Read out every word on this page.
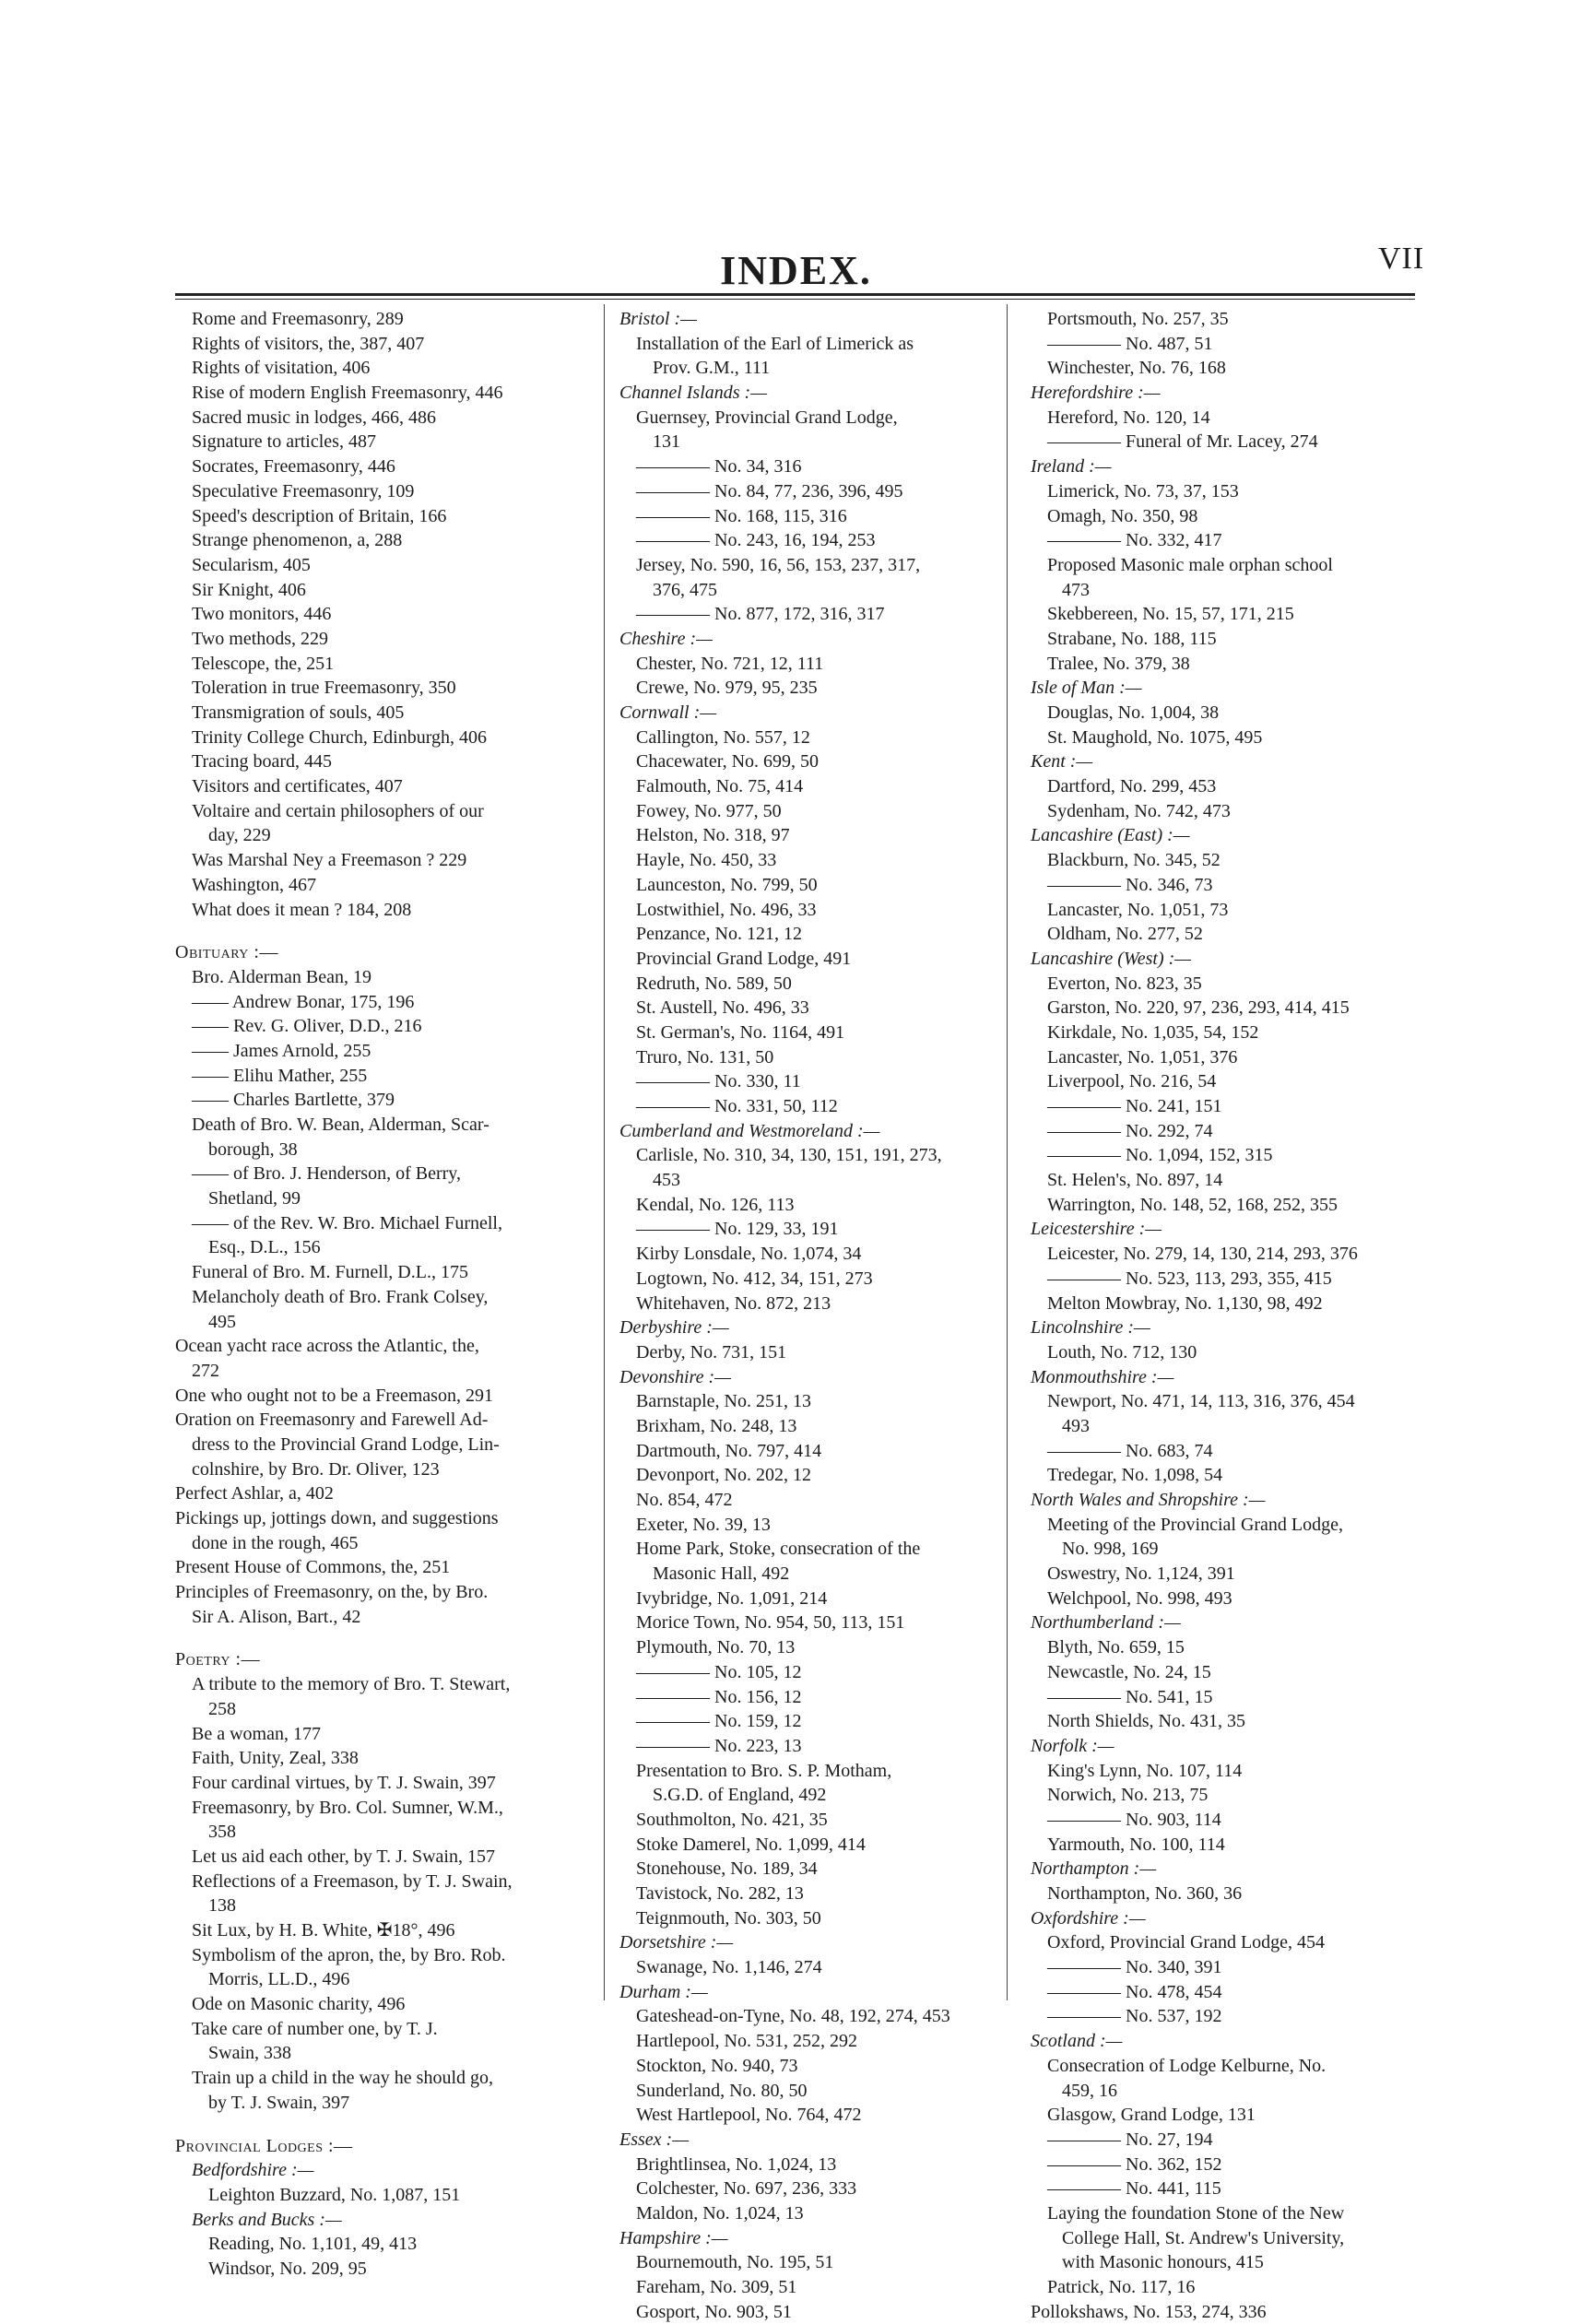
INDEX.	VII
Rome and Freemasonry, 289
Rights of visitors, the, 387, 407
Rights of visitation, 406
Rise of modern English Freemasonry, 446
Sacred music in lodges, 466, 486
Signature to articles, 487
Socrates, Freemasonry, 446
Speculative Freemasonry, 109
Speed's description of Britain, 166
Strange phenomenon, a, 288
Secularism, 405
Sir Knight, 406
Two monitors, 446
Two methods, 229
Telescope, the, 251
Toleration in true Freemasonry, 350
Transmigration of souls, 405
Trinity College Church, Edinburgh, 406
Tracing board, 445
Visitors and certificates, 407
Voltaire and certain philosophers of our
day, 229
Was Marshal Ney a Freemason ? 229
Washington, 467
What does it mean ? 184, 208
Obituary :—
Bro. Alderman Bean, 19
—— Andrew Bonar, 175, 196
—— Rev. G. Oliver, D.D., 216
—— James Arnold, 255
—— Elihu Mather, 255
—— Charles Bartlette, 379
Death of Bro. W. Bean, Alderman, Scar-
borough, 38
—— of Bro. J. Henderson, of Berry,
Shetland, 99
—— of the Rev. W. Bro. Michael Furnell,
Esq., D.L., 156
Funeral of Bro. M. Furnell, D.L., 175
Melancholy death of Bro. Frank Colsey,
495
Ocean yacht race across the Atlantic, the,
272
One who ought not to be a Freemason, 291
Oration on Freemasonry and Farewell Ad-
dress to the Provincial Grand Lodge, Lin-
colnshire, by Bro. Dr. Oliver, 123
Perfect Ashlar, a, 402
Pickings up, jottings down, and suggestions
done in the rough, 465
Present House of Commons, the, 251
Principles of Freemasonry, on the, by Bro.
Sir A. Alison, Bart., 42
Poetry :—
A tribute to the memory of Bro. T. Stewart,
258
Be a woman, 177
Faith, Unity, Zeal, 338
Four cardinal virtues, by T. J. Swain, 397
Freemasonry, by Bro. Col. Sumner, W.M.,
358
Let us aid each other, by T. J. Swain, 157
Reflections of a Freemason, by T. J. Swain,
138
Sit Lux, by H. B. White, ✠18°, 496
Symbolism of the apron, the, by Bro. Rob.
Morris, LL.D., 496
Ode on Masonic charity, 496
Take care of number one, by T. J.
Swain, 338
Train up a child in the way he should go,
by T. J. Swain, 397
Provincial Lodges :—
Bedfordshire :—
Leighton Buzzard, No. 1,087, 151
Berks and Bucks :—
Reading, No. 1,101, 49, 413
Windsor, No. 209, 95
Bristol :—
Installation of the Earl of Limerick as
Prov. G.M., 111
Channel Islands :—
Guernsey, Provincial Grand Lodge,
131
———— No. 34, 316
———— No. 84, 77, 236, 396, 495
———— No. 168, 115, 316
———— No. 243, 16, 194, 253
Jersey, No. 590, 16, 56, 153, 237, 317,
376, 475
———— No. 877, 172, 316, 317
Cheshire :—
Chester, No. 721, 12, 111
Crewe, No. 979, 95, 235
Cornwall :—
Callington, No. 557, 12
Chacewater, No. 699, 50
Falmouth, No. 75, 414
Fowey, No. 977, 50
Helston, No. 318, 97
Hayle, No. 450, 33
Launceston, No. 799, 50
Lostwithiel, No. 496, 33
Penzance, No. 121, 12
Provincial Grand Lodge, 491
Redruth, No. 589, 50
St. Austell, No. 496, 33
St. German's, No. 1164, 491
Truro, No. 131, 50
———— No. 330, 11
———— No. 331, 50, 112
Cumberland and Westmoreland :—
Carlisle, No. 310, 34, 130, 151, 191, 273,
453
Kendal, No. 126, 113
———— No. 129, 33, 191
Kirby Lonsdale, No. 1,074, 34
Logtown, No. 412, 34, 151, 273
Whitehaven, No. 872, 213
Derbyshire :—
Derby, No. 731, 151
Devonshire :—
Barnstaple, No. 251, 13
Brixham, No. 248, 13
Dartmouth, No. 797, 414
Devonport, No. 202, 12
No. 854, 472
Exeter, No. 39, 13
Home Park, Stoke, consecration of the
Masonic Hall, 492
Ivybridge, No. 1,091, 214
Morice Town, No. 954, 50, 113, 151
Plymouth, No. 70, 13
———— No. 105, 12
———— No. 156, 12
———— No. 159, 12
———— No. 223, 13
Presentation to Bro. S. P. Motham,
S.G.D. of England, 492
Southmolton, No. 421, 35
Stoke Damerel, No. 1,099, 414
Stonehouse, No. 189, 34
Tavistock, No. 282, 13
Teignmouth, No. 303, 50
Dorsetshire :—
Swanage, No. 1,146, 274
Durham :—
Gateshead-on-Tyne, No. 48, 192, 274, 453
Hartlepool, No. 531, 252, 292
Stockton, No. 940, 73
Sunderland, No. 80, 50
West Hartlepool, No. 764, 472
Essex :—
Brightlinsea, No. 1,024, 13
Colchester, No. 697, 236, 333
Maldon, No. 1,024, 13
Hampshire :—
Bournemouth, No. 195, 51
Fareham, No. 309, 51
Gosport, No. 903, 51
Portsmouth, No. 257, 35
———— No. 487, 51
Winchester, No. 76, 168
Herefordshire :—
Hereford, No. 120, 14
———— Funeral of Mr. Lacey, 274
Ireland :—
Limerick, No. 73, 37, 153
Omagh, No. 350, 98
———— No. 332, 417
Proposed Masonic male orphan school
473
Skebbereen, No. 15, 57, 171, 215
Strabane, No. 188, 115
Tralee, No. 379, 38
Isle of Man :—
Douglas, No. 1,004, 38
St. Maughold, No. 1075, 495
Kent :—
Dartford, No. 299, 453
Sydenham, No. 742, 473
Lancashire (East) :—
Blackburn, No. 345, 52
———— No. 346, 73
Lancaster, No. 1,051, 73
Oldham, No. 277, 52
Lancashire (West) :—
Everton, No. 823, 35
Garston, No. 220, 97, 236, 293, 414, 415
Kirkdale, No. 1,035, 54, 152
Lancaster, No. 1,051, 376
Liverpool, No. 216, 54
———— No. 241, 151
———— No. 292, 74
———— No. 1,094, 152, 315
St. Helen's, No. 897, 14
Warrington, No. 148, 52, 168, 252, 355
Leicestershire :—
Leicester, No. 279, 14, 130, 214, 293, 376
———— No. 523, 113, 293, 355, 415
Melton Mowbray, No. 1,130, 98, 492
Lincolnshire :—
Louth, No. 712, 130
Monmouthshire :—
Newport, No. 471, 14, 113, 316, 376, 454
493
———— No. 683, 74
Tredegar, No. 1,098, 54
North Wales and Shropshire :—
Meeting of the Provincial Grand Lodge,
No. 998, 169
Oswestry, No. 1,124, 391
Welchpool, No. 998, 493
Northumberland :—
Blyth, No. 659, 15
Newcastle, No. 24, 15
———— No. 541, 15
North Shields, No. 431, 35
Norfolk :—
King's Lynn, No. 107, 114
Norwich, No. 213, 75
———— No. 903, 114
Yarmouth, No. 100, 114
Northampton :—
Northampton, No. 360, 36
Oxfordshire :—
Oxford, Provincial Grand Lodge, 454
———— No. 340, 391
———— No. 478, 454
———— No. 537, 192
Scotland :—
Consecration of Lodge Kelburne, No.
459, 16
Glasgow, Grand Lodge, 131
———— No. 27, 194
———— No. 362, 152
———— No. 441, 115
Laying the foundation Stone of the New
College Hall, St. Andrew's University,
with Masonic honours, 415
Patrick, No. 117, 16
Pollokshaws, No. 153, 274, 336
